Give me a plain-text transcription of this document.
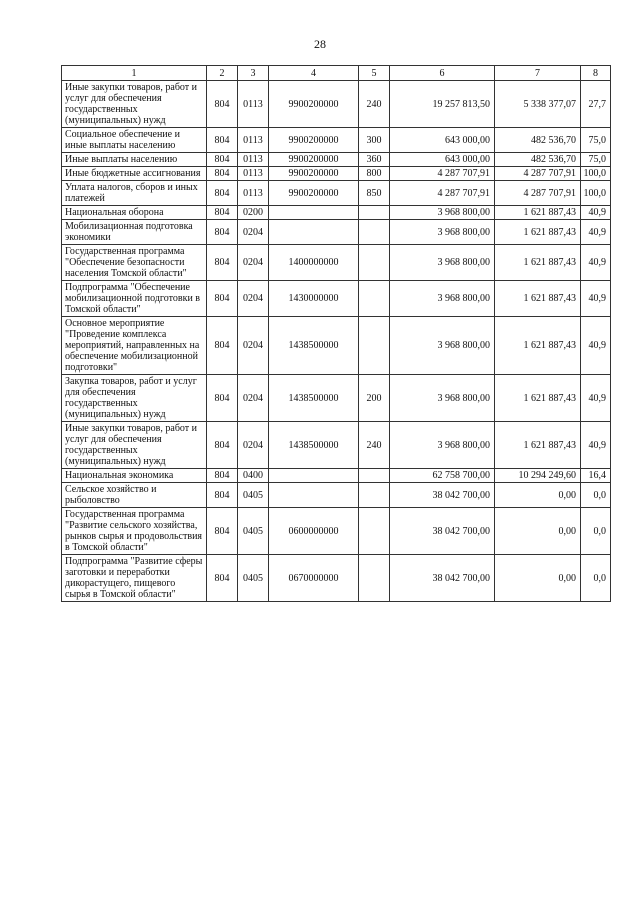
28
1	2	3	4	5	6	7	8
Иные закупки товаров, работ и услуг для обеспечения государственных (муниципальных) нужд	804	0113	9900200000	240	19 257 813,50	5 338 377,07	27,7
Социальное обеспечение и иные выплаты населению	804	0113	9900200000	300	643 000,00	482 536,70	75,0
Иные выплаты населению	804	0113	9900200000	360	643 000,00	482 536,70	75,0
Иные бюджетные ассигнования	804	0113	9900200000	800	4 287 707,91	4 287 707,91	100,0
Уплата налогов, сборов и иных платежей	804	0113	9900200000	850	4 287 707,91	4 287 707,91	100,0
Национальная оборона	804	0200			3 968 800,00	1 621 887,43	40,9
Мобилизационная подготовка экономики	804	0204			3 968 800,00	1 621 887,43	40,9
Государственная программа "Обеспечение безопасности населения Томской области"	804	0204	1400000000		3 968 800,00	1 621 887,43	40,9
Подпрограмма "Обеспечение мобилизационной подготовки в Томской области"	804	0204	1430000000		3 968 800,00	1 621 887,43	40,9
Основное мероприятие "Проведение комплекса мероприятий, направленных на обеспечение мобилизационной подготовки"	804	0204	1438500000		3 968 800,00	1 621 887,43	40,9
Закупка товаров, работ и услуг для обеспечения государственных (муниципальных) нужд	804	0204	1438500000	200	3 968 800,00	1 621 887,43	40,9
Иные закупки товаров, работ и услуг для обеспечения государственных (муниципальных) нужд	804	0204	1438500000	240	3 968 800,00	1 621 887,43	40,9
Национальная экономика	804	0400			62 758 700,00	10 294 249,60	16,4
Сельское хозяйство и рыболовство	804	0405			38 042 700,00	0,00	0,0
Государственная программа "Развитие сельского хозяйства, рынков сырья и продовольствия в Томской области"	804	0405	0600000000		38 042 700,00	0,00	0,0
Подпрограмма "Развитие сферы заготовки и переработки дикорастущего, пищевого сырья в Томской области"	804	0405	0670000000		38 042 700,00	0,00	0,0
